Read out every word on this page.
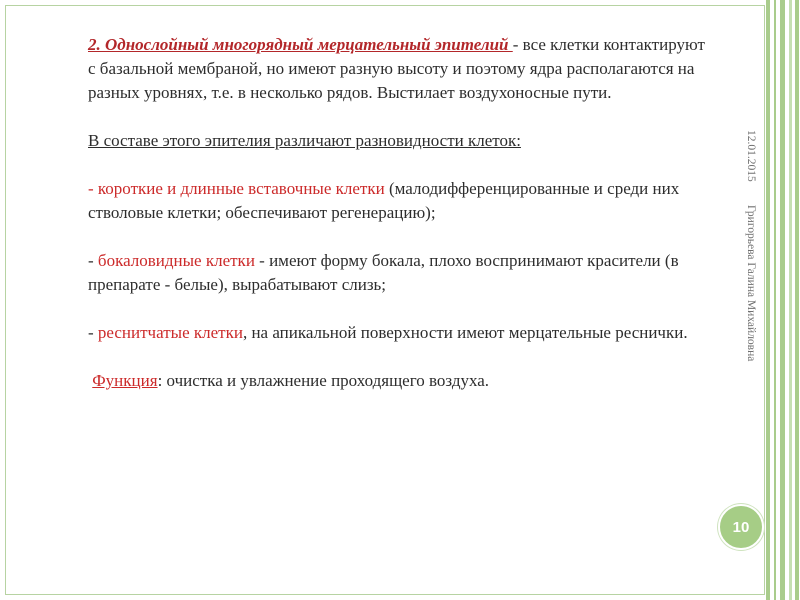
2. Однослойный многорядный мерцательный эпителий - все клетки контактируют с базальной мембраной, но имеют разную высоту и поэтому ядра располагаются на разных уровнях, т.е. в несколько рядов. Выстилает воздухоносные пути.

В составе этого эпителия различают разновидности клеток:

- короткие и длинные вставочные клетки (малодифференцированные и среди них стволовые клетки; обеспечивают регенерацию);

- бокаловидные клетки - имеют форму бокала, плохо воспринимают красители (в препарате - белые), вырабатывают слизь;

- реснитчатые клетки, на апикальной поверхности имеют мерцательные реснички.

Функция: очистка и увлажнение проходящего воздуха.

12.01.2015
Григорьева Галина Михайловна
10
